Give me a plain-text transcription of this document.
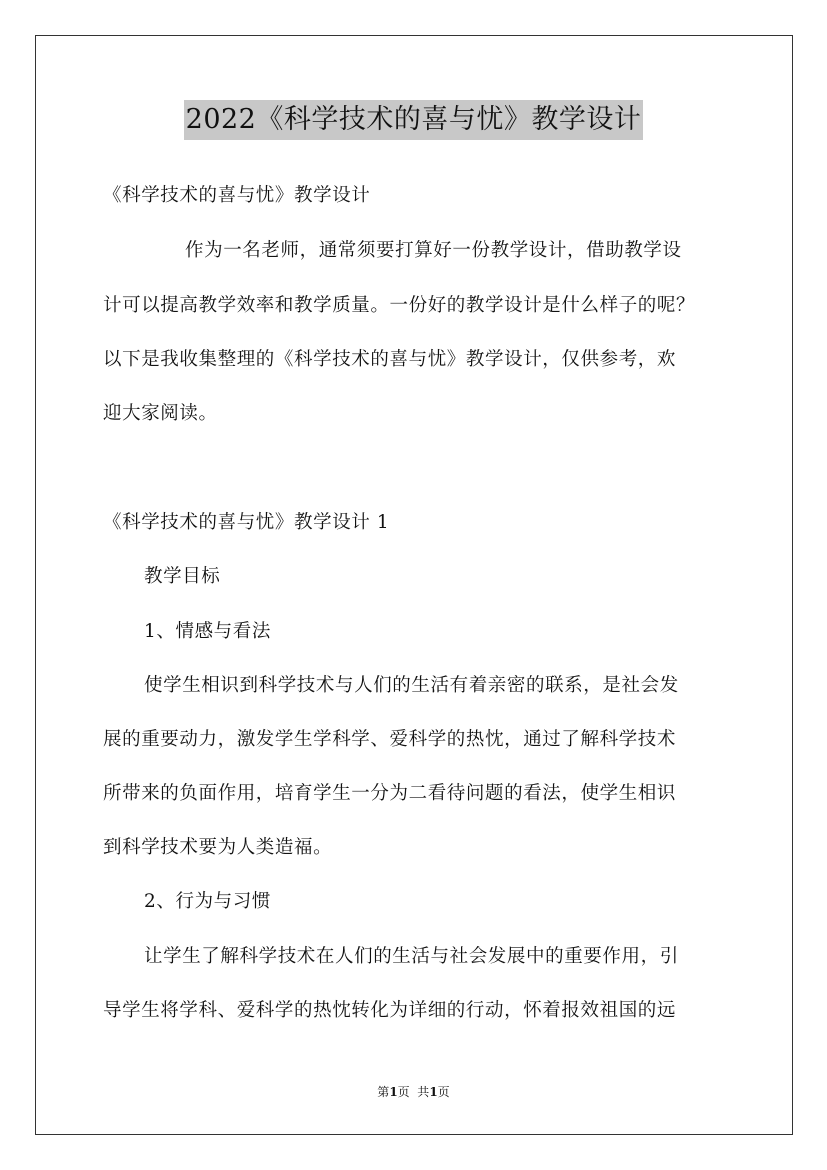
2022《科学技术的喜与忧》教学设计
《科学技术的喜与忧》教学设计
作为一名老师，通常须要打算好一份教学设计，借助教学设
计可以提高教学效率和教学质量。一份好的教学设计是什么样子的呢？
以下是我收集整理的《科学技术的喜与忧》教学设计，仅供参考，欢
迎大家阅读。
《科学技术的喜与忧》教学设计 1
教学目标
1、情感与看法
使学生相识到科学技术与人们的生活有着亲密的联系，是社会发
展的重要动力，激发学生学科学、爱科学的热忱，通过了解科学技术
所带来的负面作用，培育学生一分为二看待问题的看法，使学生相识
到科学技术要为人类造福。
2、行为与习惯
让学生了解科学技术在人们的生活与社会发展中的重要作用，引
导学生将学科、爱科学的热忱转化为详细的行动，怀着报效祖国的远
第1页  共1页
